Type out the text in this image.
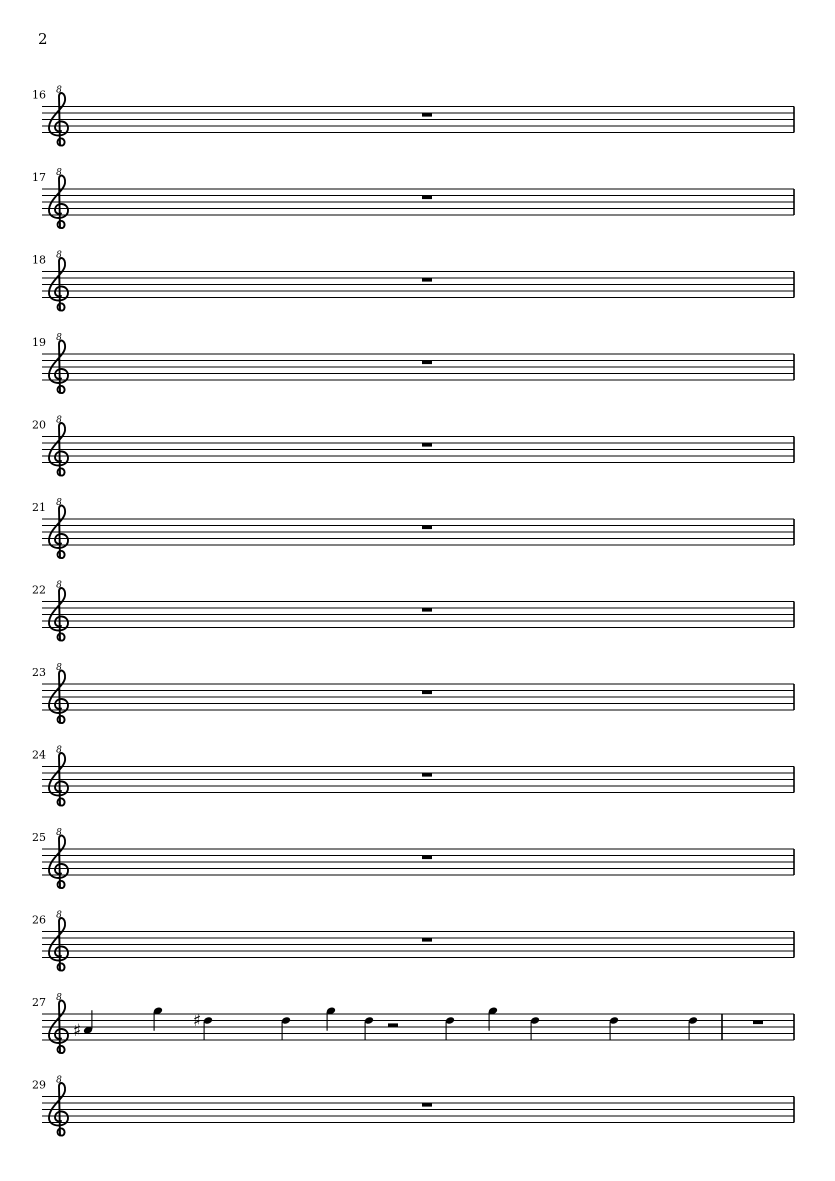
2
16 8
17 8
18 8
19 8
20 8
21 8
22 8
23 8
24 8
25 8
26 8
27 8
♯	♯
29 8
